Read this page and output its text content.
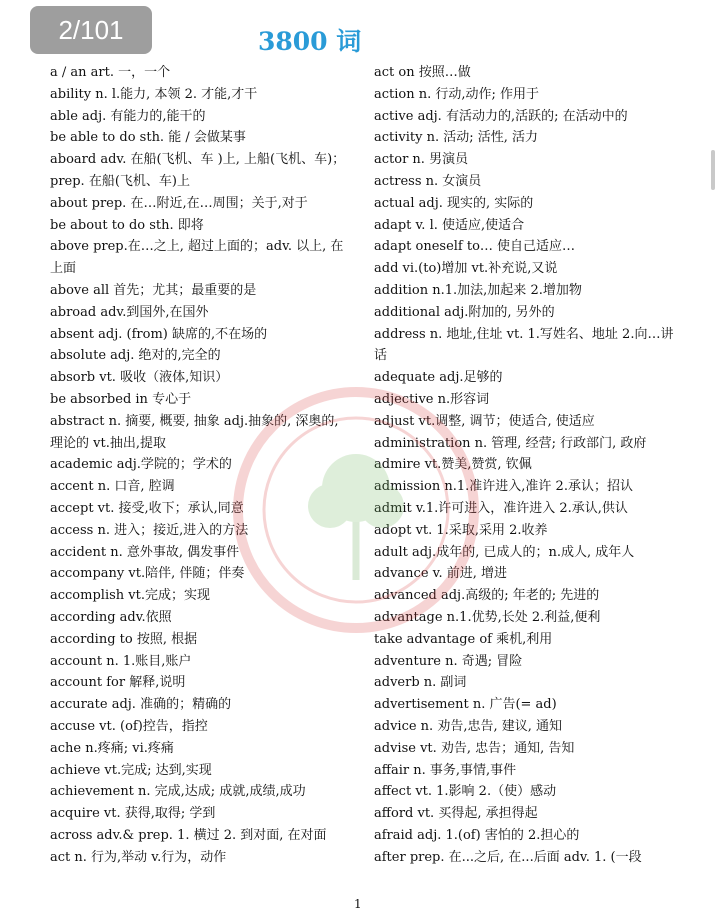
2/101	3800 词
a / an art. 一，一个
ability n. l.能力, 本领 2. 才能,才干
able adj. 有能力的,能干的
be able to do sth. 能 / 会做某事
aboard adv. 在船(飞机、车 )上, 上船(飞机、车)；prep. 在船(飞机、车)上
about prep. 在…附近,在…周围；关于,对于
be about to do sth. 即将
above prep.在…之上, 超过上面的；adv. 以上, 在上面
above all 首先；尤其；最重要的是
abroad adv.到国外,在国外
absent adj. (from) 缺席的,不在场的
absolute adj. 绝对的,完全的
absorb vt. 吸收（液体,知识）
be absorbed in 专心于
abstract n. 摘要, 概要, 抽象 adj.抽象的, 深奥的, 理论的 vt.抽出,提取
academic adj.学院的；学术的
accent n. 口音, 腔调
accept vt. 接受,收下；承认,同意
access n. 进入；接近,进入的方法
accident n. 意外事故, 偶发事件
accompany vt.陪伴, 伴随；伴奏
accomplish vt.完成；实现
according adv.依照
according to 按照, 根据
account n. 1.账目,账户
account for 解释,说明
accurate adj. 准确的；精确的
accuse vt. (of)控告，指控
ache n.疼痛; vi.疼痛
achieve vt.完成; 达到,实现
achievement n. 完成,达成; 成就,成绩,成功
acquire vt. 获得,取得; 学到
across adv.& prep. 1. 横过 2. 到对面, 在对面
act n. 行为,举动 v.行为，动作
act on 按照…做
action n. 行动,动作; 作用于
active adj. 有活动力的,活跃的; 在活动中的
activity n. 活动; 活性, 活力
actor n. 男演员
actress n. 女演员
actual adj. 现实的, 实际的
adapt v. l. 使适应,使适合
adapt oneself to… 使自己适应…
add vi.(to)增加 vt.补充说,又说
addition n.1.加法,加起来 2.增加物
additional adj.附加的, 另外的
address n. 地址,住址 vt. 1.写姓名、地址 2.向…讲话
adequate adj.足够的
adjective n.形容词
adjust vt.调整, 调节；使适合, 使适应
administration n. 管理, 经营; 行政部门, 政府
admire vt.赞美,赞赏, 钦佩
admission n.1.准许进入,准许 2.承认；招认
admit v.1.许可进入，准许进入 2.承认,供认
adopt vt. 1.采取,采用 2.收养
adult adj.成年的, 已成人的；n.成人, 成年人
advance v. 前进, 增进
advanced adj.高级的; 年老的; 先进的
advantage n.1.优势,长处 2.利益,便利
take advantage of 乘机,利用
adventure n. 奇遇; 冒险
adverb n. 副词
advertisement n. 广告(= ad)
advice n. 劝告,忠告, 建议, 通知
advise vt. 劝告, 忠告；通知, 告知
affair n. 事务,事情,事件
affect vt. 1.影响 2.（使）感动
afford vt. 买得起, 承担得起
afraid adj. 1.(of) 害怕的 2.担心的
after prep. 在...之后, 在...后面 adv. 1. (一段
1
